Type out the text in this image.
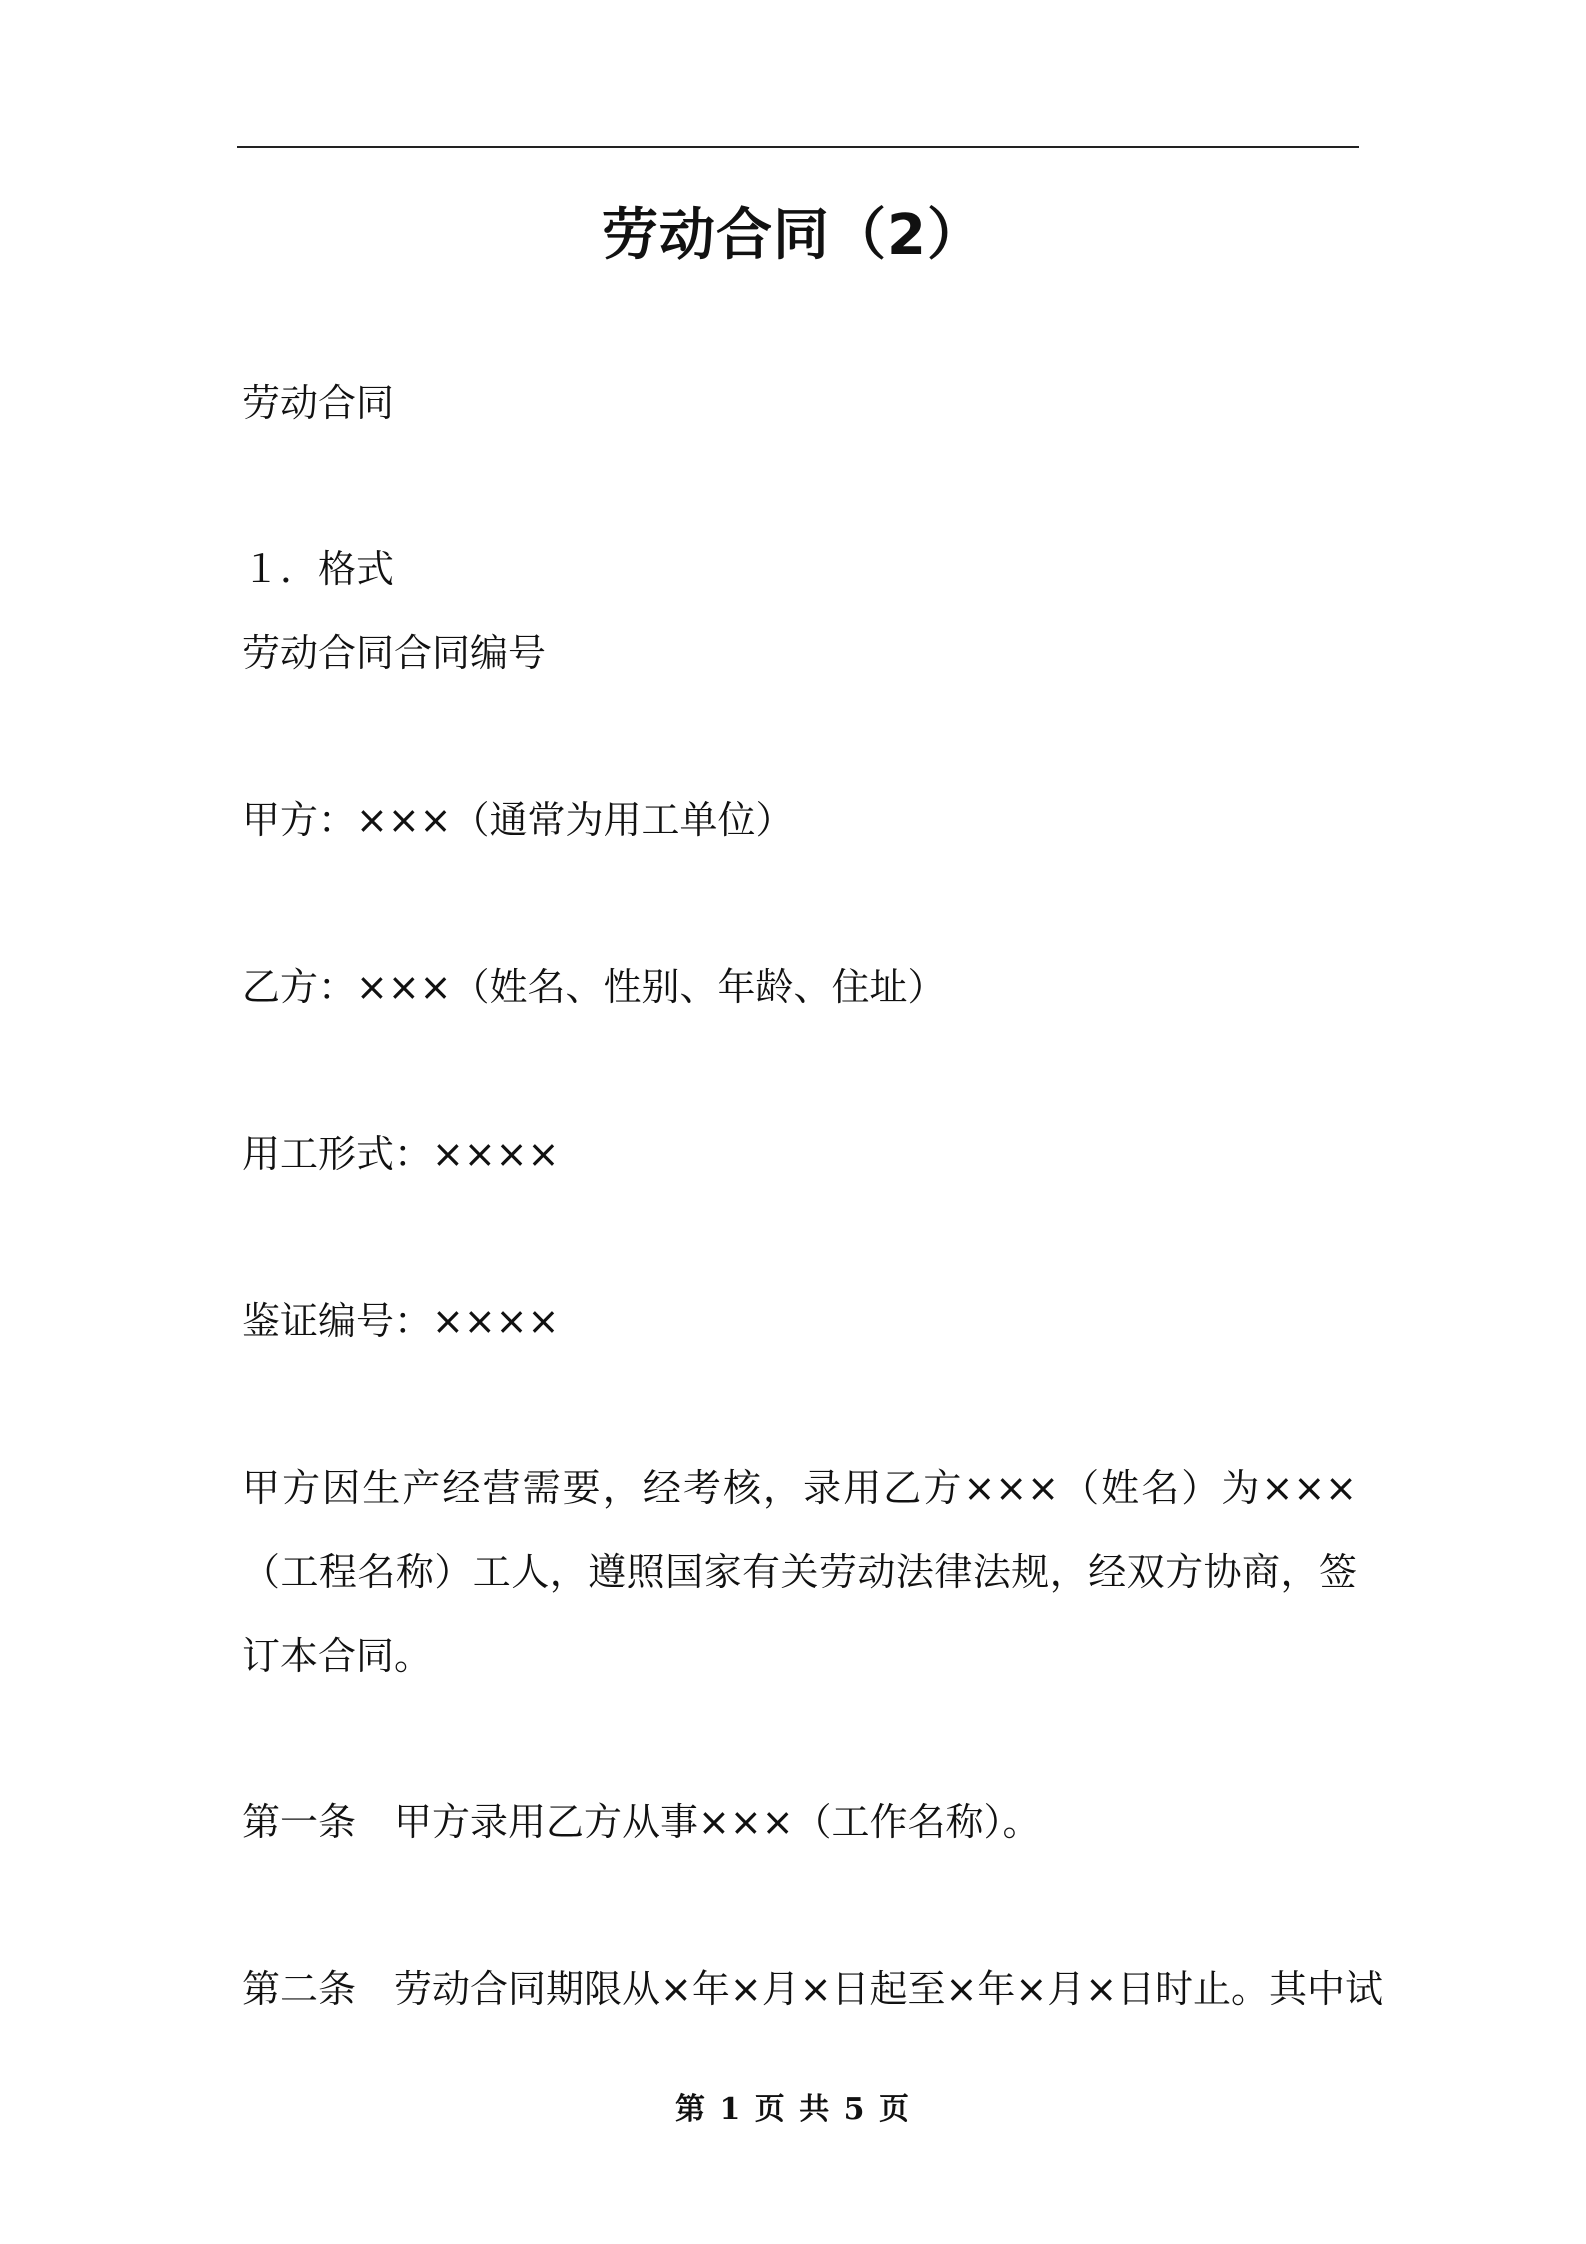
劳动合同（2）
劳动合同
１．格式
劳动合同合同编号
甲方：×××（通常为用工单位）
乙方：×××（姓名、性别、年龄、住址）
用工形式：××××
鉴证编号：××××
甲方因生产经营需要，经考核，录用乙方×××（姓名）为×××（工程名称）工人，遵照国家有关劳动法律法规，经双方协商，签订本合同。
第一条 甲方录用乙方从事×××（工作名称）。
第二条 劳动合同期限从×年×月×日起至×年×月×日时止。其中试
第 1 页 共 5 页
